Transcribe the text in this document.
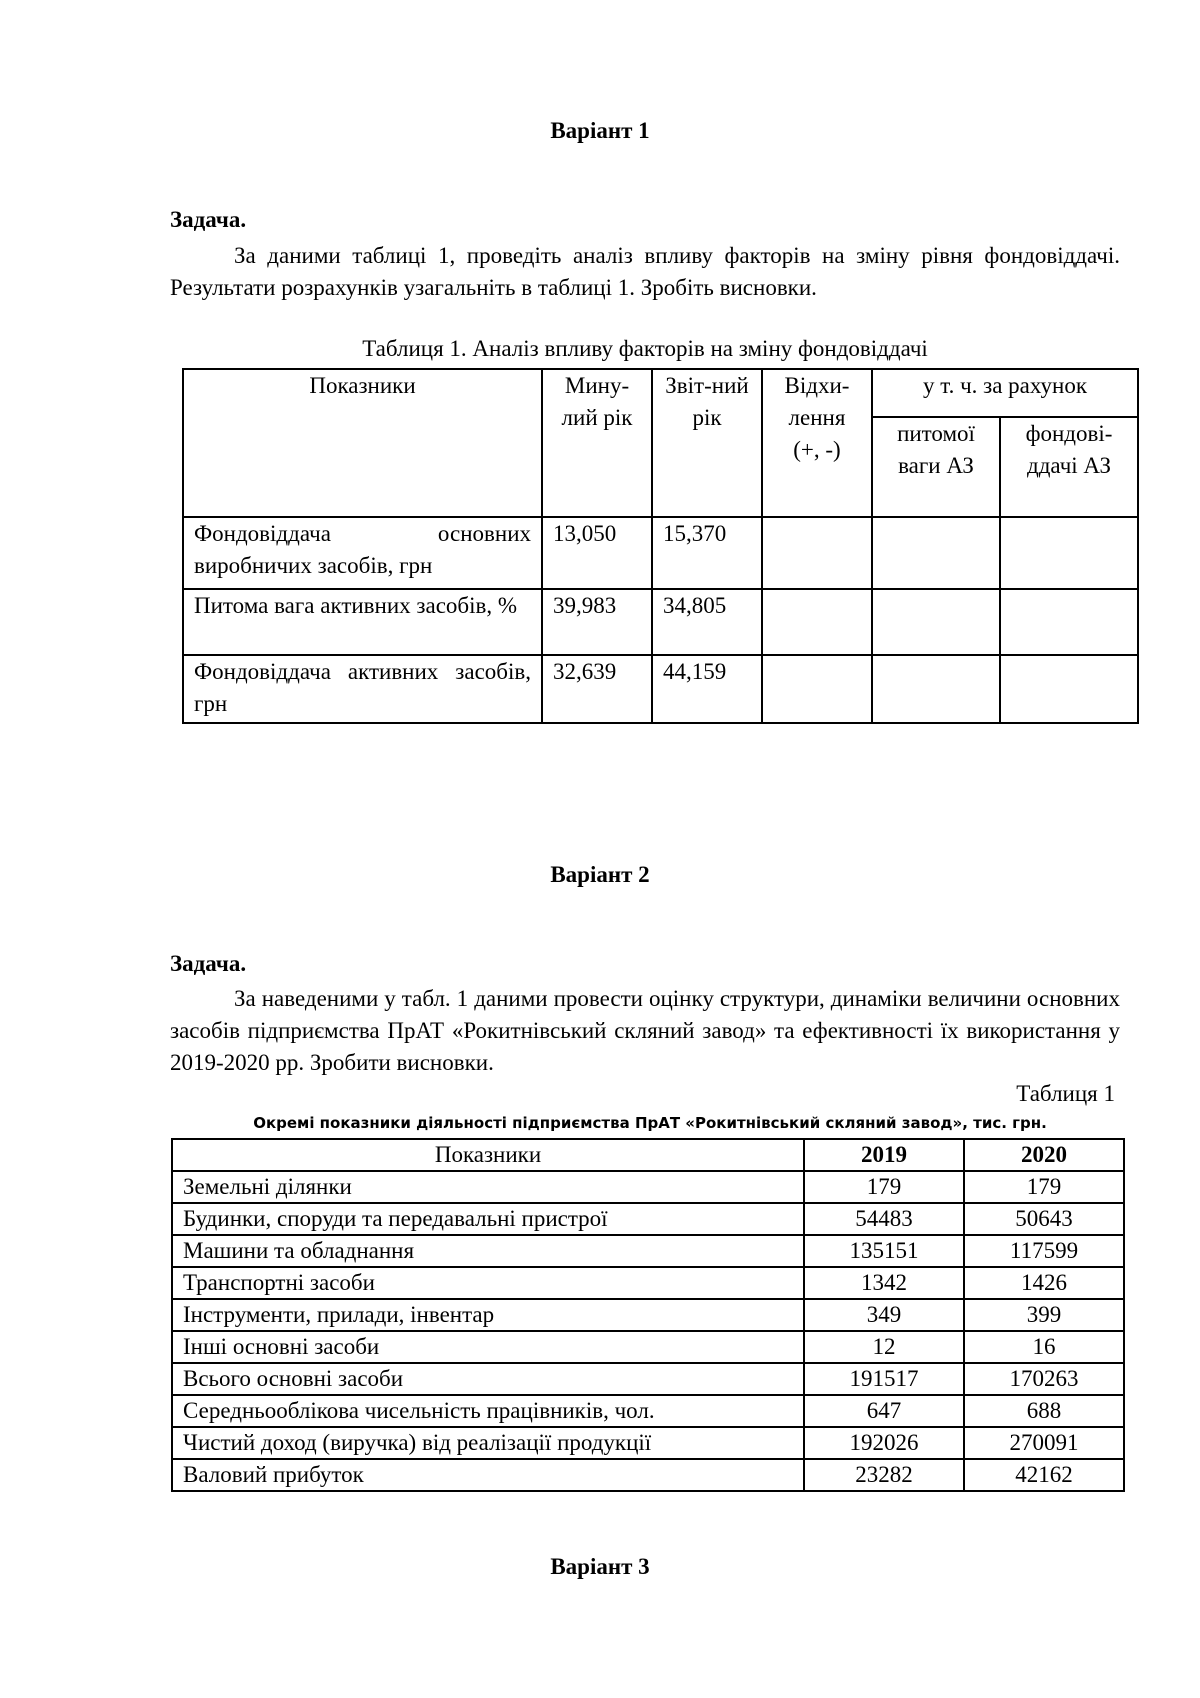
Варіант 1
Задача.
За даними таблиці 1, проведіть аналіз впливу факторів на зміну рівня фондовіддачі. Результати розрахунків узагальніть в таблиці 1. Зробіть висновки.
Таблиця 1. Аналіз впливу факторів на зміну фондовіддачі
Показники	Мину-лий рік	Звіт-ний рік	Відхи-лення (+, -)	у т. ч. за рахунок	
				питомої ваги АЗ	фондові-ддачі АЗ
Фондовіддача основних виробничих засобів, грн	13,050	15,370			
Питома вага активних засобів, %	39,983	34,805			
Фондовіддача активних засобів, грн	32,639	44,159			
Варіант 2
Задача.
За наведеними у табл. 1 даними провести оцінку структури, динаміки величини основних засобів підприємства ПрАТ «Рокитнівський скляний завод» та ефективності їх використання у 2019-2020 рр. Зробити висновки.
Таблиця 1
Окремі показники діяльності підприємства ПрАТ «Рокитнівський скляний завод», тис. грн.
Показники	2019	2020
Земельні ділянки	179	179
Будинки, споруди та передавальні пристрої	54483	50643
Машини та обладнання	135151	117599
Транспортні засоби	1342	1426
Інструменти, прилади, інвентар	349	399
Інші основні засоби	12	16
Всього основні засоби	191517	170263
Середньооблікова чисельність працівників, чол.	647	688
Чистий доход (виручка) від реалізації продукції	192026	270091
Валовий прибуток	23282	42162
Варіант 3
